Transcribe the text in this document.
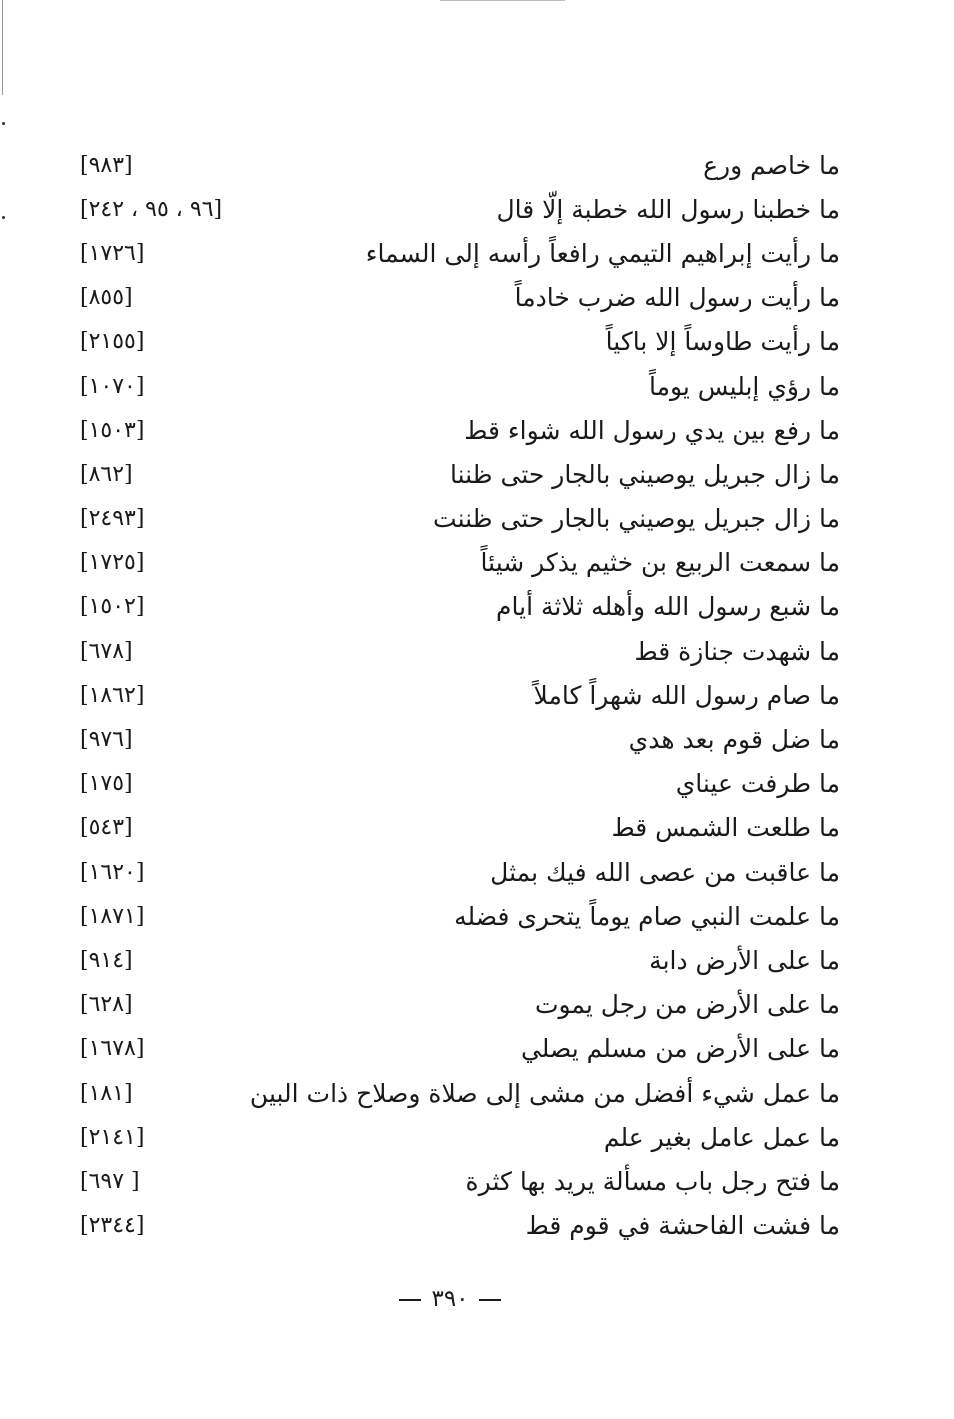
ما خاصم ورع
[٩٨٣]
ما خطبنا رسول الله خطبة إلّا قال
[٩٦ ، ٩٥ ، ٢٤٢]
ما رأيت إبراهيم التيمي رافعاً رأسه إلى السماء
[١٧٢٦]
ما رأيت رسول الله ضرب خادماً
[٨٥٥]
ما رأيت طاوساً إلا باكياً
[٢١٥٥]
ما رؤي إبليس يوماً
[١٠٧٠]
ما رفع بين يدي رسول الله شواء قط
[١٥٠٣]
ما زال جبريل يوصيني بالجار حتى ظننا
[٨٦٢]
ما زال جبريل يوصيني بالجار حتى ظننت
[٢٤٩٣]
ما سمعت الربيع بن خثيم يذكر شيئاً
[١٧٢٥]
ما شبع رسول الله وأهله ثلاثة أيام
[١٥٠٢]
ما شهدت جنازة قط
[٦٧٨]
ما صام رسول الله شهراً كاملاً
[١٨٦٢]
ما ضل قوم بعد هدي
[٩٧٦]
ما طرفت عيناي
[١٧٥]
ما طلعت الشمس قط
[٥٤٣]
ما عاقبت من عصى الله فيك بمثل
[١٦٢٠]
ما علمت النبي صام يوماً يتحرى فضله
[١٨٧١]
ما على الأرض دابة
[٩١٤]
ما على الأرض من رجل يموت
[٦٢٨]
ما على الأرض من مسلم يصلي
[١٦٧٨]
ما عمل شيء أفضل من مشى إلى صلاة وصلاح ذات البين
[١٨١]
ما عمل عامل بغير علم
[٢١٤١]
ما فتح رجل باب مسألة يريد بها كثرة
[ ٦٩٧]
ما فشت الفاحشة في قوم قط
[٢٣٤٤]
٣٩٠
